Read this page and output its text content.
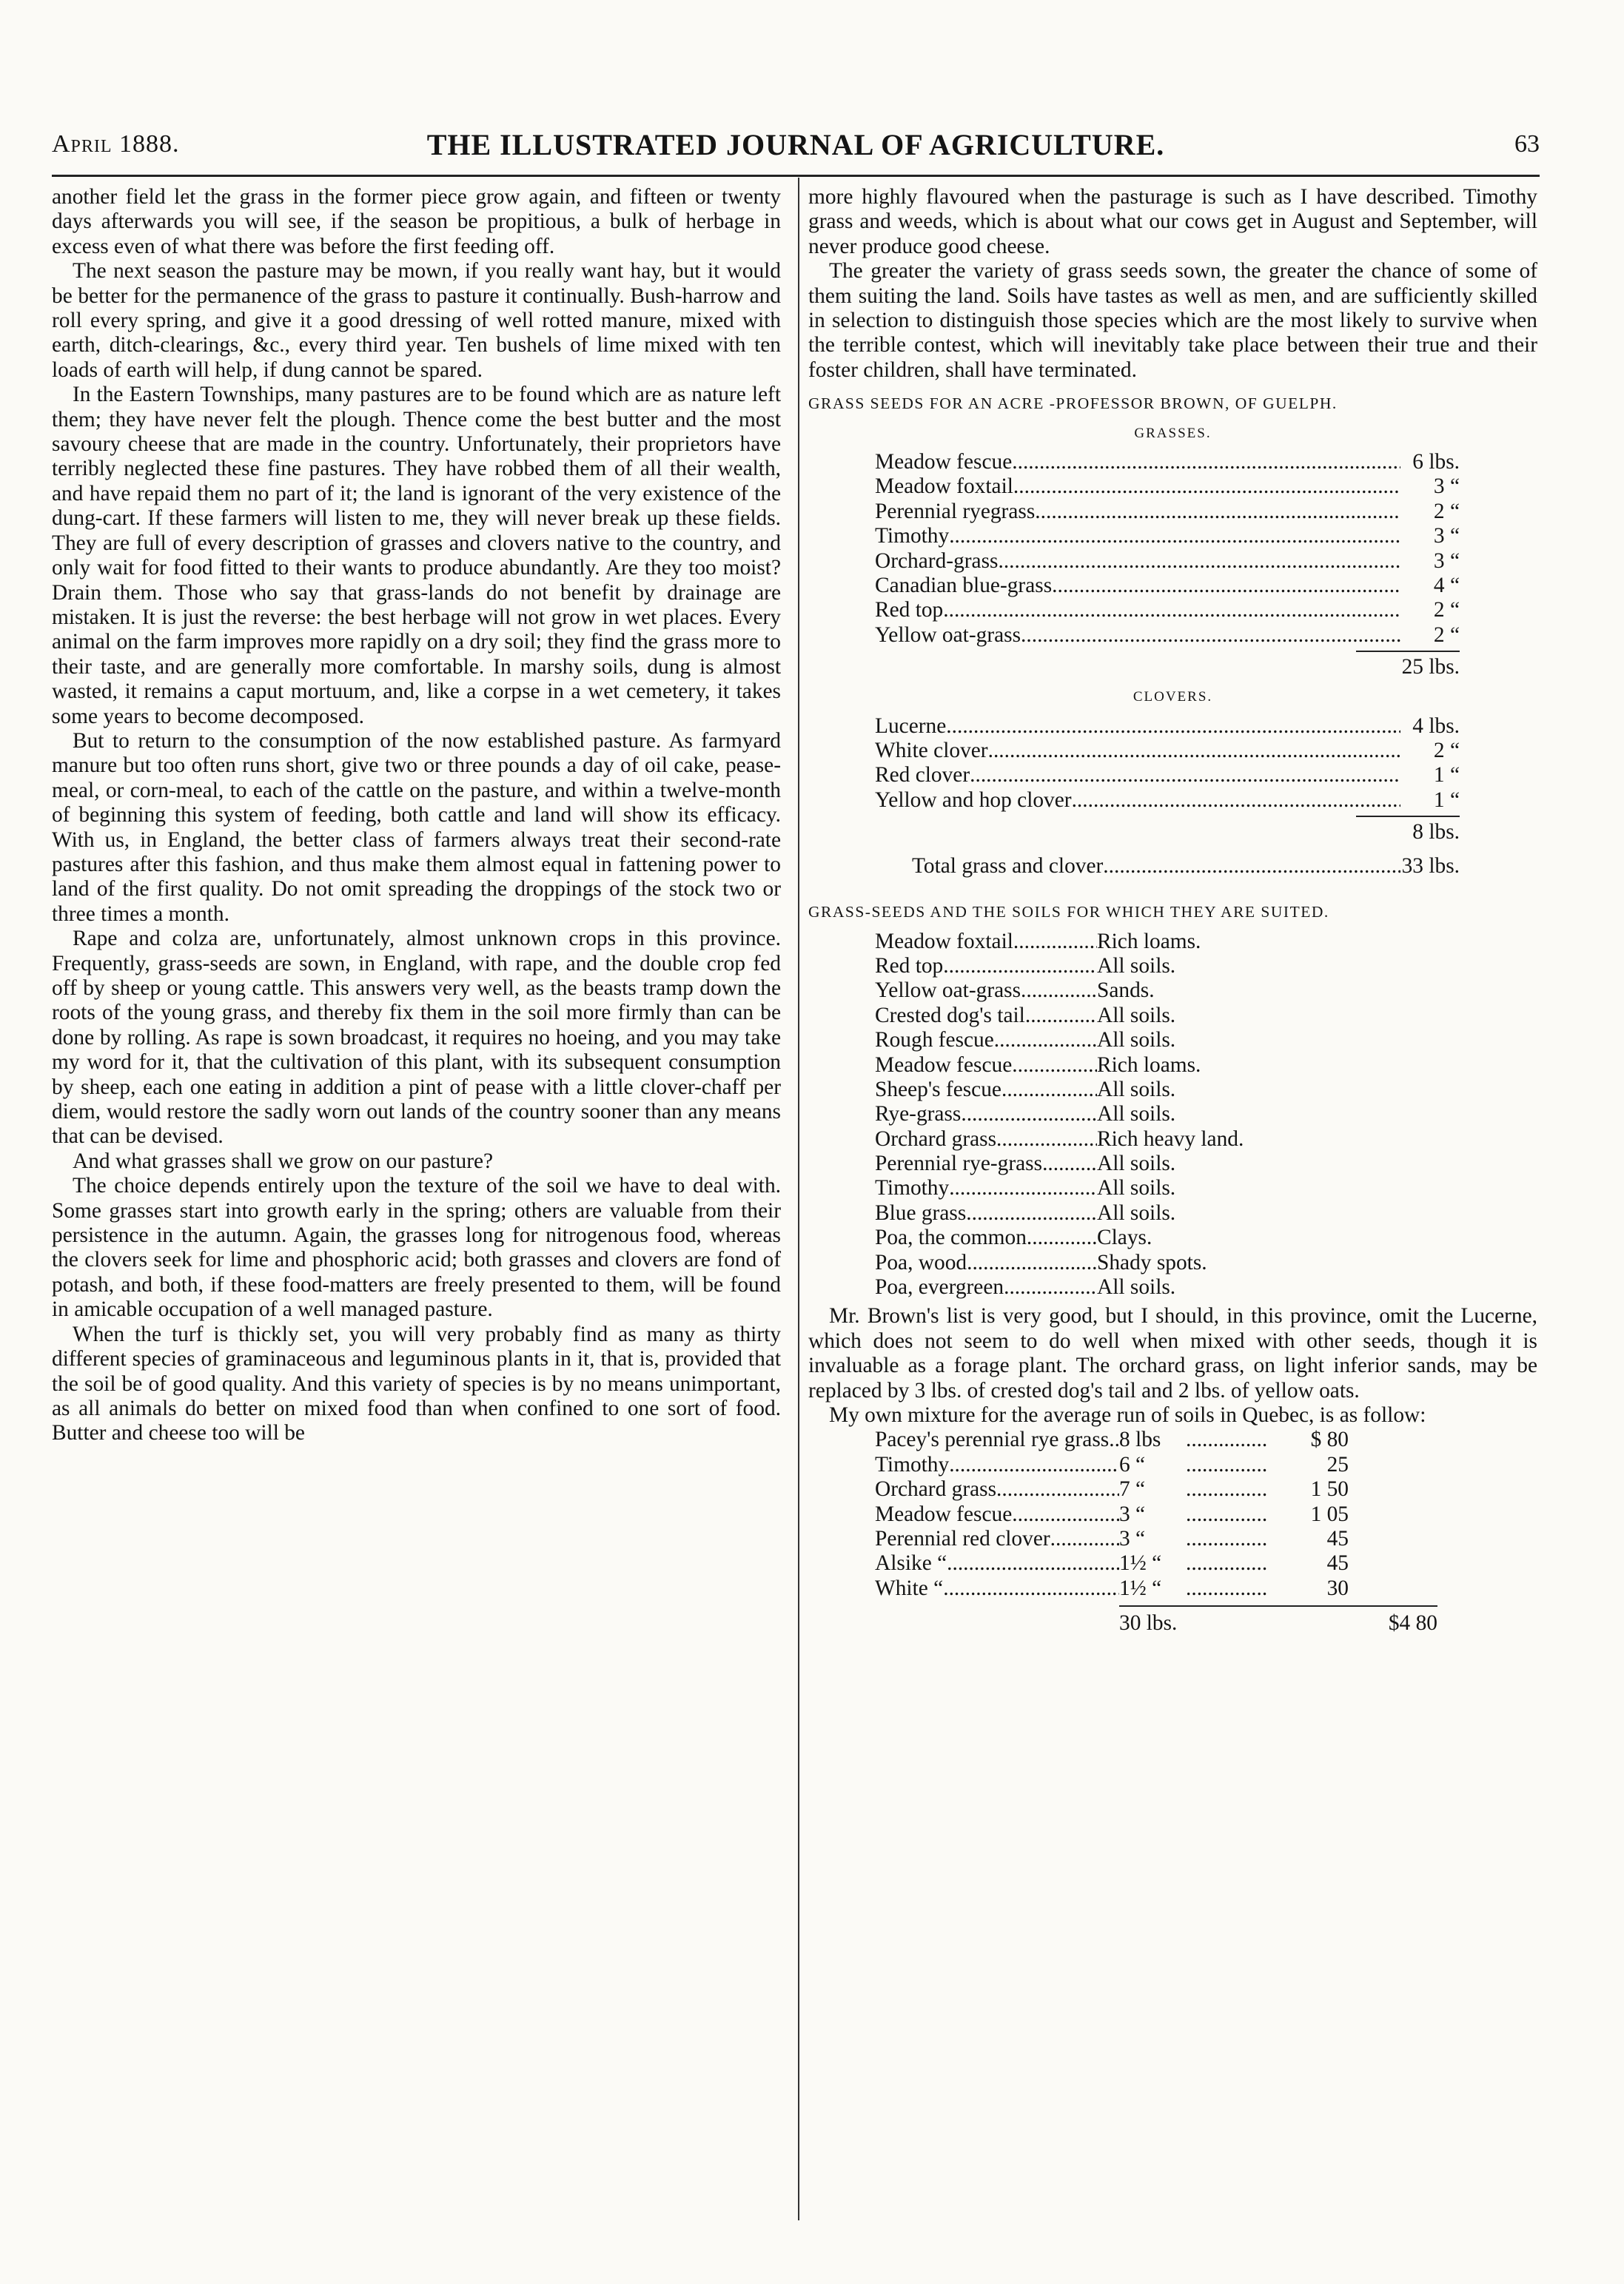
April 1888.	THE ILLUSTRATED JOURNAL OF AGRICULTURE.	63

another field let the grass in the former piece grow again, and fifteen or twenty days afterwards you will see, if the season be propitious, a bulk of herbage in excess even of what there was before the first feeding off.

The next season the pasture may be mown, if you really want hay, but it would be better for the permanence of the grass to pasture it continually. Bush-harrow and roll every spring, and give it a good dressing of well rotted manure, mixed with earth, ditch-clearings, &c., every third year. Ten bushels of lime mixed with ten loads of earth will help, if dung cannot be spared.

In the Eastern Townships, many pastures are to be found which are as nature left them; they have never felt the plough. Thence come the best butter and the most savoury cheese that are made in the country. Unfortunately, their proprietors have terribly neglected these fine pastures. They have robbed them of all their wealth, and have repaid them no part of it; the land is ignorant of the very existence of the dung-cart. If these farmers will listen to me, they will never break up these fields. They are full of every description of grasses and clovers native to the country, and only wait for food fitted to their wants to produce abundantly. Are they too moist? Drain them. Those who say that grass-lands do not benefit by drainage are mistaken. It is just the reverse: the best herbage will not grow in wet places. Every animal on the farm improves more rapidly on a dry soil; they find the grass more to their taste, and are generally more comfortable. In marshy soils, dung is almost wasted, it remains a caput mortuum, and, like a corpse in a wet cemetery, it takes some years to become decomposed.

But to return to the consumption of the now established pasture. As farmyard manure but too often runs short, give two or three pounds a day of oil cake, pease-meal, or corn-meal, to each of the cattle on the pasture, and within a twelve-month of beginning this system of feeding, both cattle and land will show its efficacy. With us, in England, the better class of farmers always treat their second-rate pastures after this fashion, and thus make them almost equal in fattening power to land of the first quality. Do not omit spreading the droppings of the stock two or three times a month.

Rape and colza are, unfortunately, almost unknown crops in this province. Frequently, grass-seeds are sown, in England, with rape, and the double crop fed off by sheep or young cattle. This answers very well, as the beasts tramp down the roots of the young grass, and thereby fix them in the soil more firmly than can be done by rolling. As rape is sown broadcast, it requires no hoeing, and you may take my word for it, that the cultivation of this plant, with its subsequent consumption by sheep, each one eating in addition a pint of pease with a little clover-chaff per diem, would restore the sadly worn out lands of the country sooner than any means that can be devised.

And what grasses shall we grow on our pasture?

The choice depends entirely upon the texture of the soil we have to deal with. Some grasses start into growth early in the spring; others are valuable from their persistence in the autumn. Again, the grasses long for nitrogenous food, whereas the clovers seek for lime and phosphoric acid; both grasses and clovers are fond of potash, and both, if these food-matters are freely presented to them, will be found in amicable occupation of a well managed pasture.

When the turf is thickly set, you will very probably find as many as thirty different species of graminaceous and leguminous plants in it, that is, provided that the soil be of good quality. And this variety of species is by no means unimportant, as all animals do better on mixed food than when confined to one sort of food. Butter and cheese too will be

more highly flavoured when the pasturage is such as I have described. Timothy grass and weeds, which is about what our cows get in August and September, will never produce good cheese.

The greater the variety of grass seeds sown, the greater the chance of some of them suiting the land. Soils have tastes as well as men, and are sufficiently skilled in selection to distinguish those species which are the most likely to survive when the terrible contest, which will inevitably take place between their true and their foster children, shall have terminated.

GRASS SEEDS FOR AN ACRE -PROFESSOR BROWN, OF GUELPH.
GRASSES.
Meadow fescue .....	6 lbs.
Meadow foxtail .....	3 “
Perennial ryegrass .....	2 “
Timothy .....	3 “
Orchard-grass .....	3 “
Canadian blue-grass .....	4 “
Red top .....	2 “
Yellow oat-grass .....	2 “
25 lbs.
CLOVERS.
Lucerne .....	4 lbs.
White clover .....	2 “
Red clover .....	1 “
Yellow and hop clover .....	1 “
8 lbs.
Total grass and clover .....	33 lbs.
GRASS-SEEDS AND THE SOILS FOR WHICH THEY ARE SUITED.
Meadow foxtail .....	Rich loams.
Red top .....	All soils.
Yellow oat-grass .....	Sands.
Crested dog's tail .....	All soils.
Rough fescue .....	All soils.
Meadow fescue .....	Rich loams.
Sheep's fescue .....	All soils.
Rye-grass .....	All soils.
Orchard grass .....	Rich heavy land.
Perennial rye-grass .....	All soils.
Timothy .....	All soils.
Blue grass .....	All soils.
Poa, the common .....	Clays.
Poa, wood .....	Shady spots.
Poa, evergreen .....	All soils.

Mr. Brown's list is very good, but I should, in this province, omit the Lucerne, which does not seem to do well when mixed with other seeds, though it is invaluable as a forage plant. The orchard grass, on light inferior sands, may be replaced by 3 lbs. of crested dog's tail and 2 lbs. of yellow oats.

My own mixture for the average run of soils in Quebec, is as follow:

Pacey's perennial rye grass ..... 8 lbs .....	$ 80
Timothy .....	6 “ .....	25
Orchard grass .....	7 “ .....	1 50
Meadow fescue .....	3 “ .....	1 05
Perennial red clover .....	3 “ .....	45
Alsike “ .....	1½ “ .....	45
White “ .....	1½ “ .....	30
30 lbs.	$4 80
